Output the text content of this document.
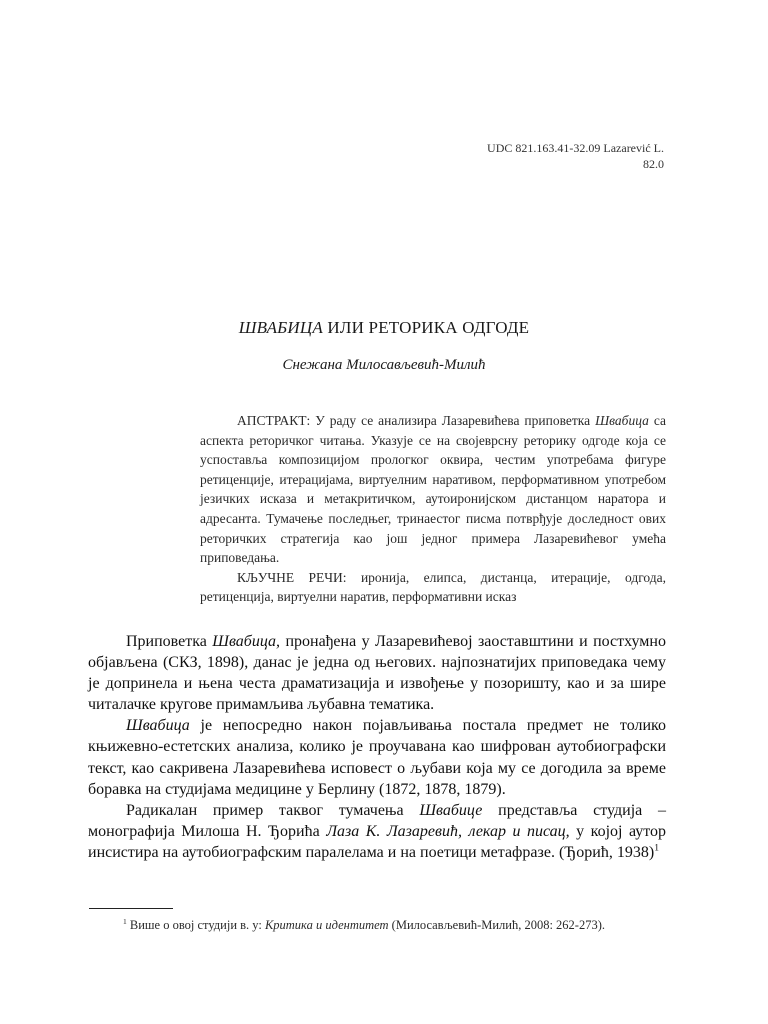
UDC 821.163.41-32.09 Lazarević L.
82.0
ШВАБИЦА ИЛИ РЕТОРИКА ОДГОДЕ
Снежана Милосављевић-Милић

АПСТРАКТ: У раду се анализира Лазаревићева приповетка Швабица са аспекта реторичког читања. Указује се на својеврсну реторику одгоде која се успоставља композицијом прологког оквира, честим употребама фигуре ретиценције, итерацијама, виртуелним наративом, перформативном употребом језичких исказа и метакритичком, аутоиронијском дистанцом наратора и адресанта. Тумачење последњег, тринаестог писма потврђује доследност ових реторичких стратегија као још једног примера Лазаревићевог умећа приповедања.

КЉУЧНЕ РЕЧИ: иронија, елипса, дистанца, итерације, одгода, ретиценција, виртуелни наратив, перформативни исказ

Приповетка Швабица, пронађена у Лазаревићевој заоставштини и постхумно објављена (СКЗ, 1898), данас је једна од његових. најпознатијих приповедака чему је допринела и њена честа драматизација и извођење у позоришту, као и за шире читалачке кругове примамљива љубавна тематика.

Швабица је непосредно након појављивања постала предмет не толико књижевно-естетских анализа, колико је проучавана као шифрован аутобиографски текст, као сакривена Лазаревићева исповест о љубави која му се догодила за време боравка на студијама медицине у Берлину (1872, 1878, 1879).

Радикалан пример таквог тумачења Швабице представља студија – монографија Милоша Н. Ђорића Лаза К. Лазаревић, лекар и писац, у којој аутор инсистира на аутобиографским паралелама и на поетици метафразе. (Ђорић, 1938)$^1$

$^1$ Више о овој студији в. у: Критика и идентитет (Милосављевић-Милић, 2008: 262-273).
